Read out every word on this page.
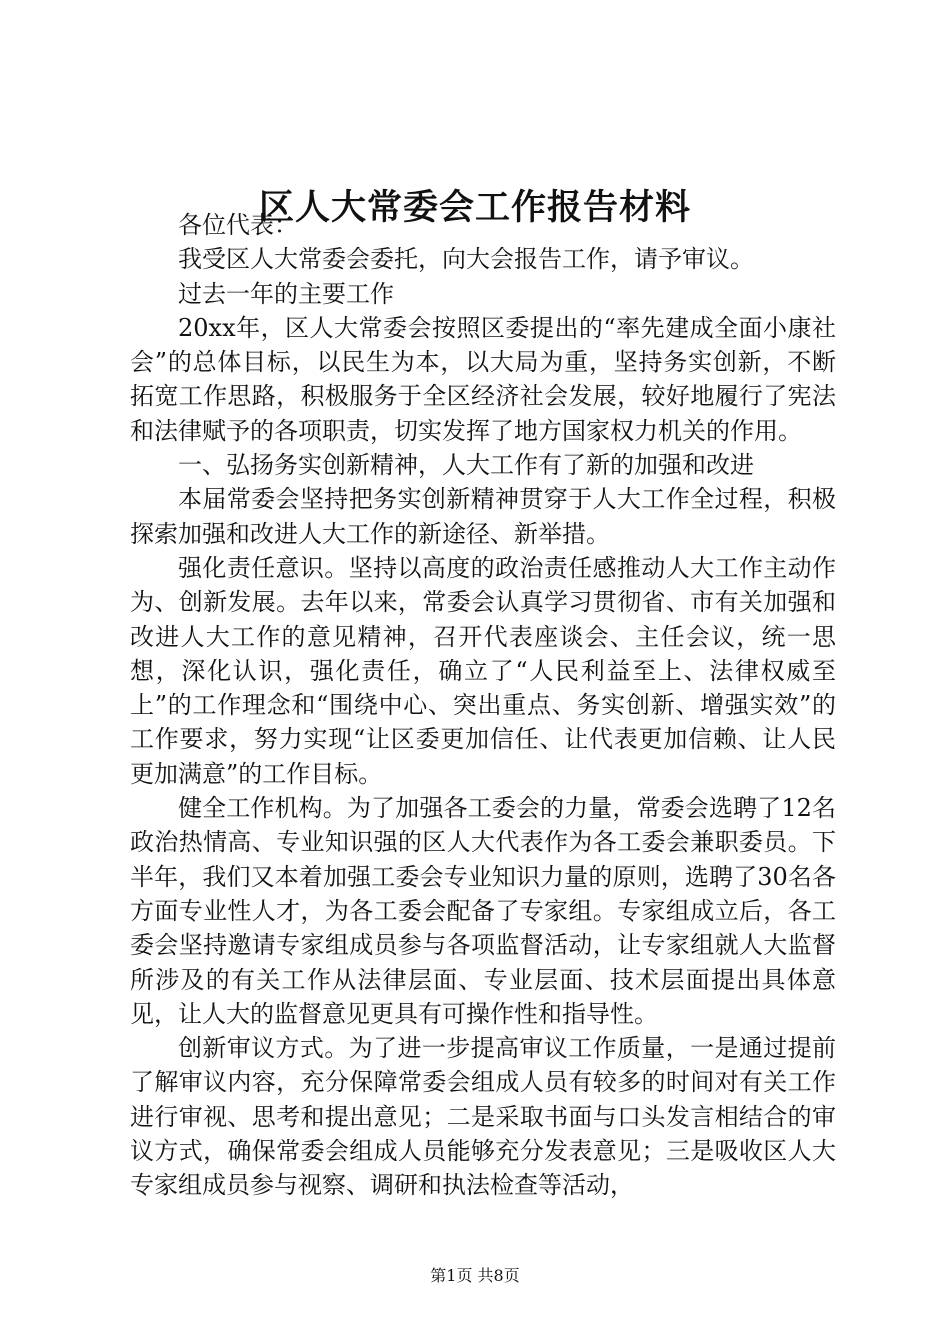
区人大常委会工作报告材料

各位代表：

我受区人大常委会委托，向大会报告工作，请予审议。

过去一年的主要工作

20xx年，区人大常委会按照区委提出的“率先建成全面小康社会”的总体目标，以民生为本，以大局为重，坚持务实创新，不断拓宽工作思路，积极服务于全区经济社会发展，较好地履行了宪法和法律赋予的各项职责，切实发挥了地方国家权力机关的作用。

一、弘扬务实创新精神，人大工作有了新的加强和改进

本届常委会坚持把务实创新精神贯穿于人大工作全过程，积极探索加强和改进人大工作的新途径、新举措。

强化责任意识。坚持以高度的政治责任感推动人大工作主动作为、创新发展。去年以来，常委会认真学习贯彻省、市有关加强和改进人大工作的意见精神，召开代表座谈会、主任会议，统一思想，深化认识，强化责任，确立了“人民利益至上、法律权威至上”的工作理念和“围绕中心、突出重点、务实创新、增强实效”的工作要求，努力实现“让区委更加信任、让代表更加信赖、让人民更加满意”的工作目标。

健全工作机构。为了加强各工委会的力量，常委会选聘了12名政治热情高、专业知识强的区人大代表作为各工委会兼职委员。下半年，我们又本着加强工委会专业知识力量的原则，选聘了30名各方面专业性人才，为各工委会配备了专家组。专家组成立后，各工委会坚持邀请专家组成员参与各项监督活动，让专家组就人大监督所涉及的有关工作从法律层面、专业层面、技术层面提出具体意见，让人大的监督意见更具有可操作性和指导性。

创新审议方式。为了进一步提高审议工作质量，一是通过提前了解审议内容，充分保障常委会组成人员有较多的时间对有关工作进行审视、思考和提出意见；二是采取书面与口头发言相结合的审议方式，确保常委会组成人员能够充分发表意见；三是吸收区人大专家组成员参与视察、调研和执法检查等活动，

第1页 共8页
